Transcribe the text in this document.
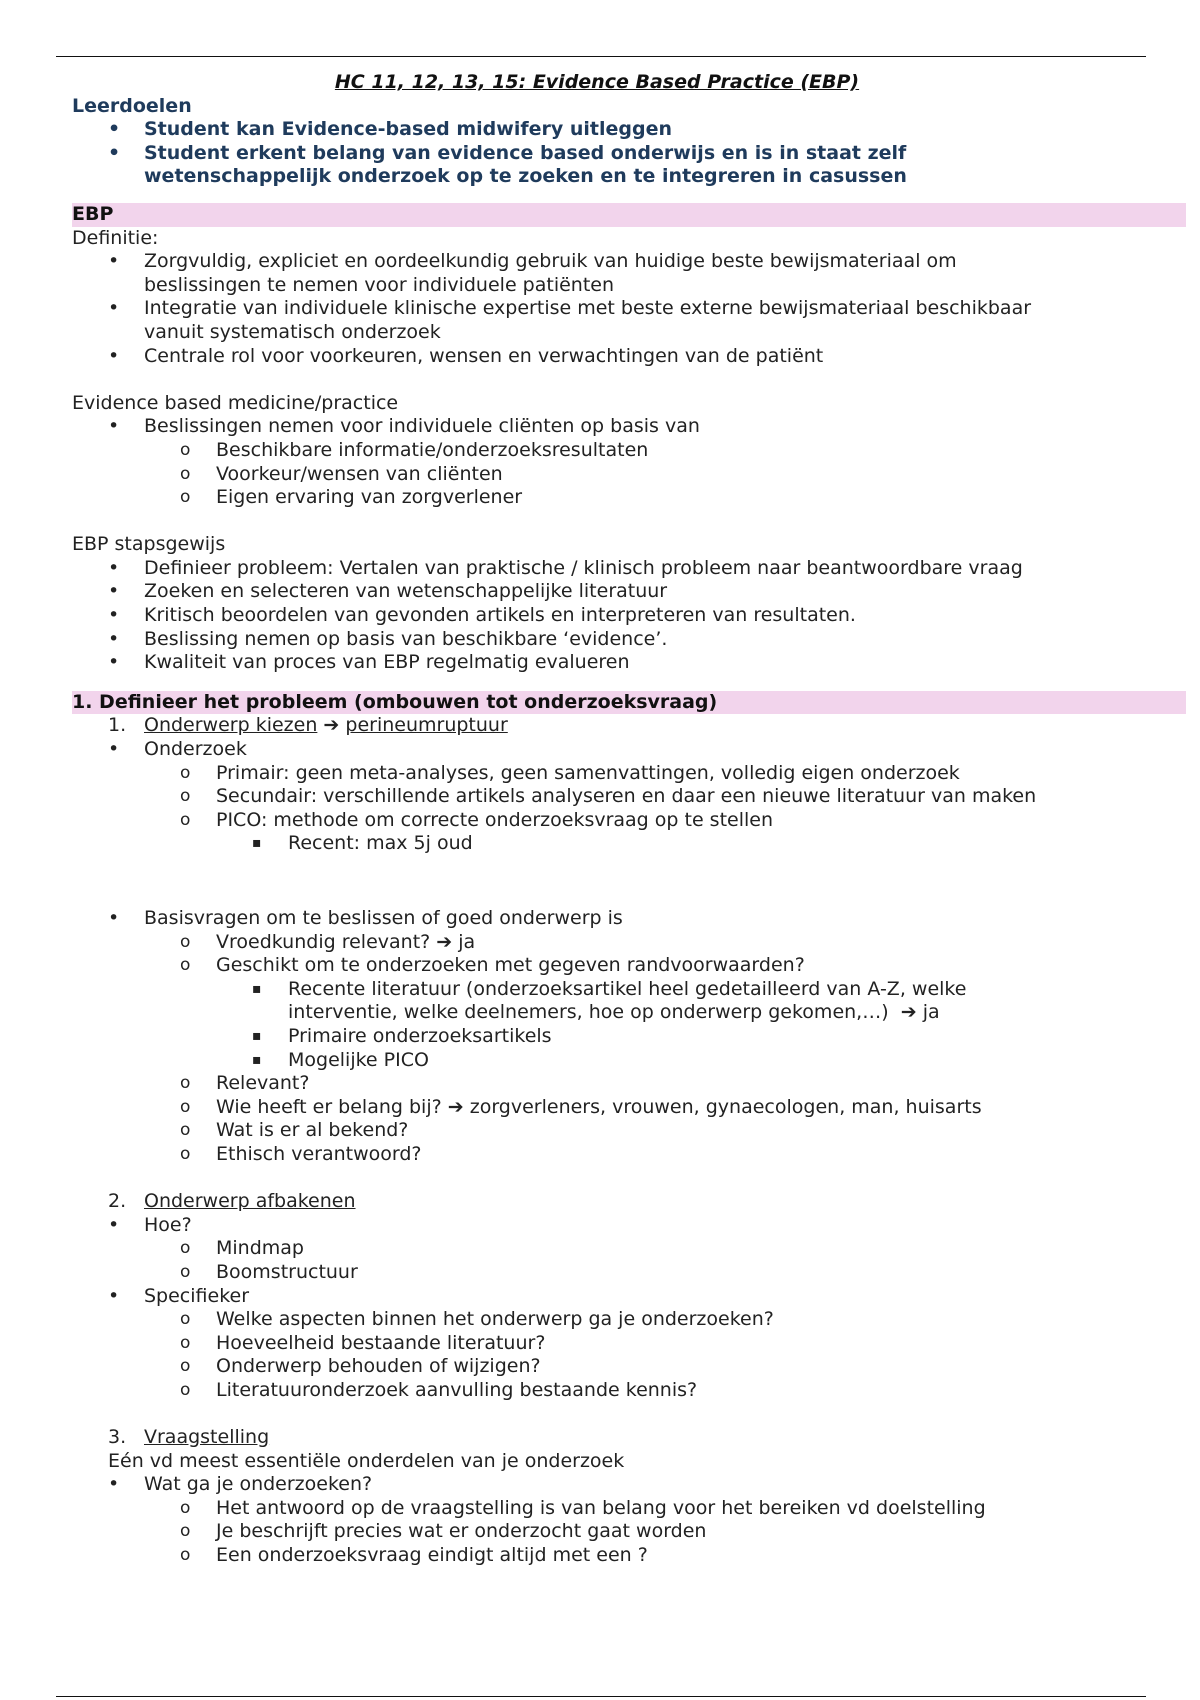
HC 11, 12, 13, 15: Evidence Based Practice (EBP)
Leerdoelen
• Student kan Evidence-based midwifery uitleggen
• Student erkent belang van evidence based onderwijs en is in staat zelf wetenschappelijk onderzoek op te zoeken en te integreren in casussen
EBP
Definitie:
• Zorgvuldig, expliciet en oordeelkundig gebruik van huidige beste bewijsmateriaal om beslissingen te nemen voor individuele patiënten
• Integratie van individuele klinische expertise met beste externe bewijsmateriaal beschikbaar vanuit systematisch onderzoek
• Centrale rol voor voorkeuren, wensen en verwachtingen van de patiënt
Evidence based medicine/practice
• Beslissingen nemen voor individuele cliënten op basis van
o Beschikbare informatie/onderzoeksresultaten
o Voorkeur/wensen van cliënten
o Eigen ervaring van zorgverlener
EBP stapsgewijs
• Definieer probleem: Vertalen van praktische / klinisch probleem naar beantwoordbare vraag
• Zoeken en selecteren van wetenschappelijke literatuur
• Kritisch beoordelen van gevonden artikels en interpreteren van resultaten.
• Beslissing nemen op basis van beschikbare ‘evidence’.
• Kwaliteit van proces van EBP regelmatig evalueren
1. Definieer het probleem (ombouwen tot onderzoeksvraag)
1. Onderwerp kiezen ➔ perineumruptuur
• Onderzoek
o Primair: geen meta-analyses, geen samenvattingen, volledig eigen onderzoek
o Secundair: verschillende artikels analyseren en daar een nieuwe literatuur van maken
o PICO: methode om correcte onderzoeksvraag op te stellen
▪ Recent: max 5j oud
• Basisvragen om te beslissen of goed onderwerp is
o Vroedkundig relevant? ➔ ja
o Geschikt om te onderzoeken met gegeven randvoorwaarden?
▪ Recente literatuur (onderzoeksartikel heel gedetailleerd van A-Z, welke interventie, welke deelnemers, hoe op onderwerp gekomen,…) ➔ ja
▪ Primaire onderzoeksartikels
▪ Mogelijke PICO
o Relevant?
o Wie heeft er belang bij? ➔ zorgverleners, vrouwen, gynaecologen, man, huisarts
o Wat is er al bekend?
o Ethisch verantwoord?
2. Onderwerp afbakenen
• Hoe?
o Mindmap
o Boomstructuur
• Specifieker
o Welke aspecten binnen het onderwerp ga je onderzoeken?
o Hoeveelheid bestaande literatuur?
o Onderwerp behouden of wijzigen?
o Literatuuronderzoek aanvulling bestaande kennis?
3. Vraagstelling
Eén vd meest essentiële onderdelen van je onderzoek
• Wat ga je onderzoeken?
o Het antwoord op de vraagstelling is van belang voor het bereiken vd doelstelling
o Je beschrijft precies wat er onderzocht gaat worden
o Een onderzoeksvraag eindigt altijd met een ?
